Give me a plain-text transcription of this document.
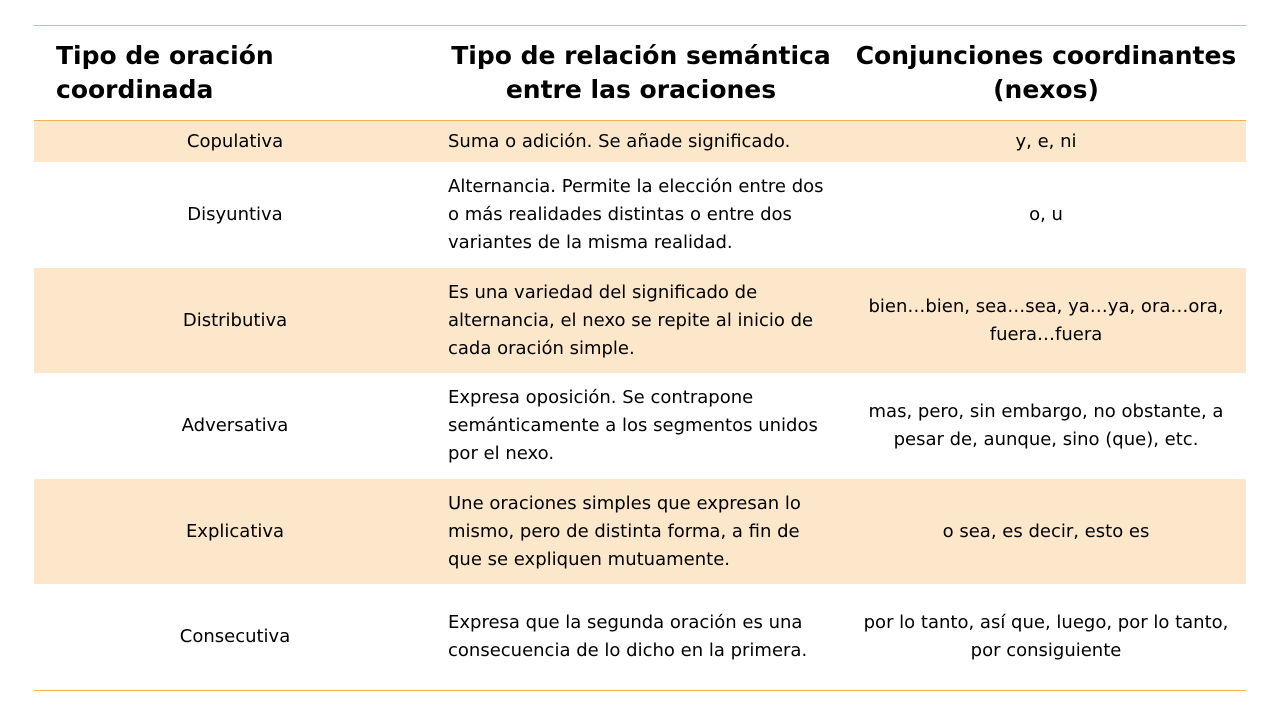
Tipo de oración coordinada	Tipo de relación semántica entre las oraciones	Conjunciones coordinantes (nexos)
Copulativa	Suma o adición. Se añade significado.	y, e, ni
Disyuntiva	Alternancia. Permite la elección entre dos o más realidades distintas o entre dos variantes de la misma realidad.	o, u
Distributiva	Es una variedad del significado de alternancia, el nexo se repite al inicio de cada oración simple.	bien…bien, sea…sea, ya…ya, ora…ora, fuera…fuera
Adversativa	Expresa oposición. Se contrapone semánticamente a los segmentos unidos por el nexo.	mas, pero, sin embargo, no obstante, a pesar de, aunque, sino (que), etc.
Explicativa	Une oraciones simples que expresan lo mismo, pero de distinta forma, a fin de que se expliquen mutuamente.	o sea, es decir, esto es
Consecutiva	Expresa que la segunda oración es una consecuencia de lo dicho en la primera.	por lo tanto, así que, luego, por lo tanto, por consiguiente
